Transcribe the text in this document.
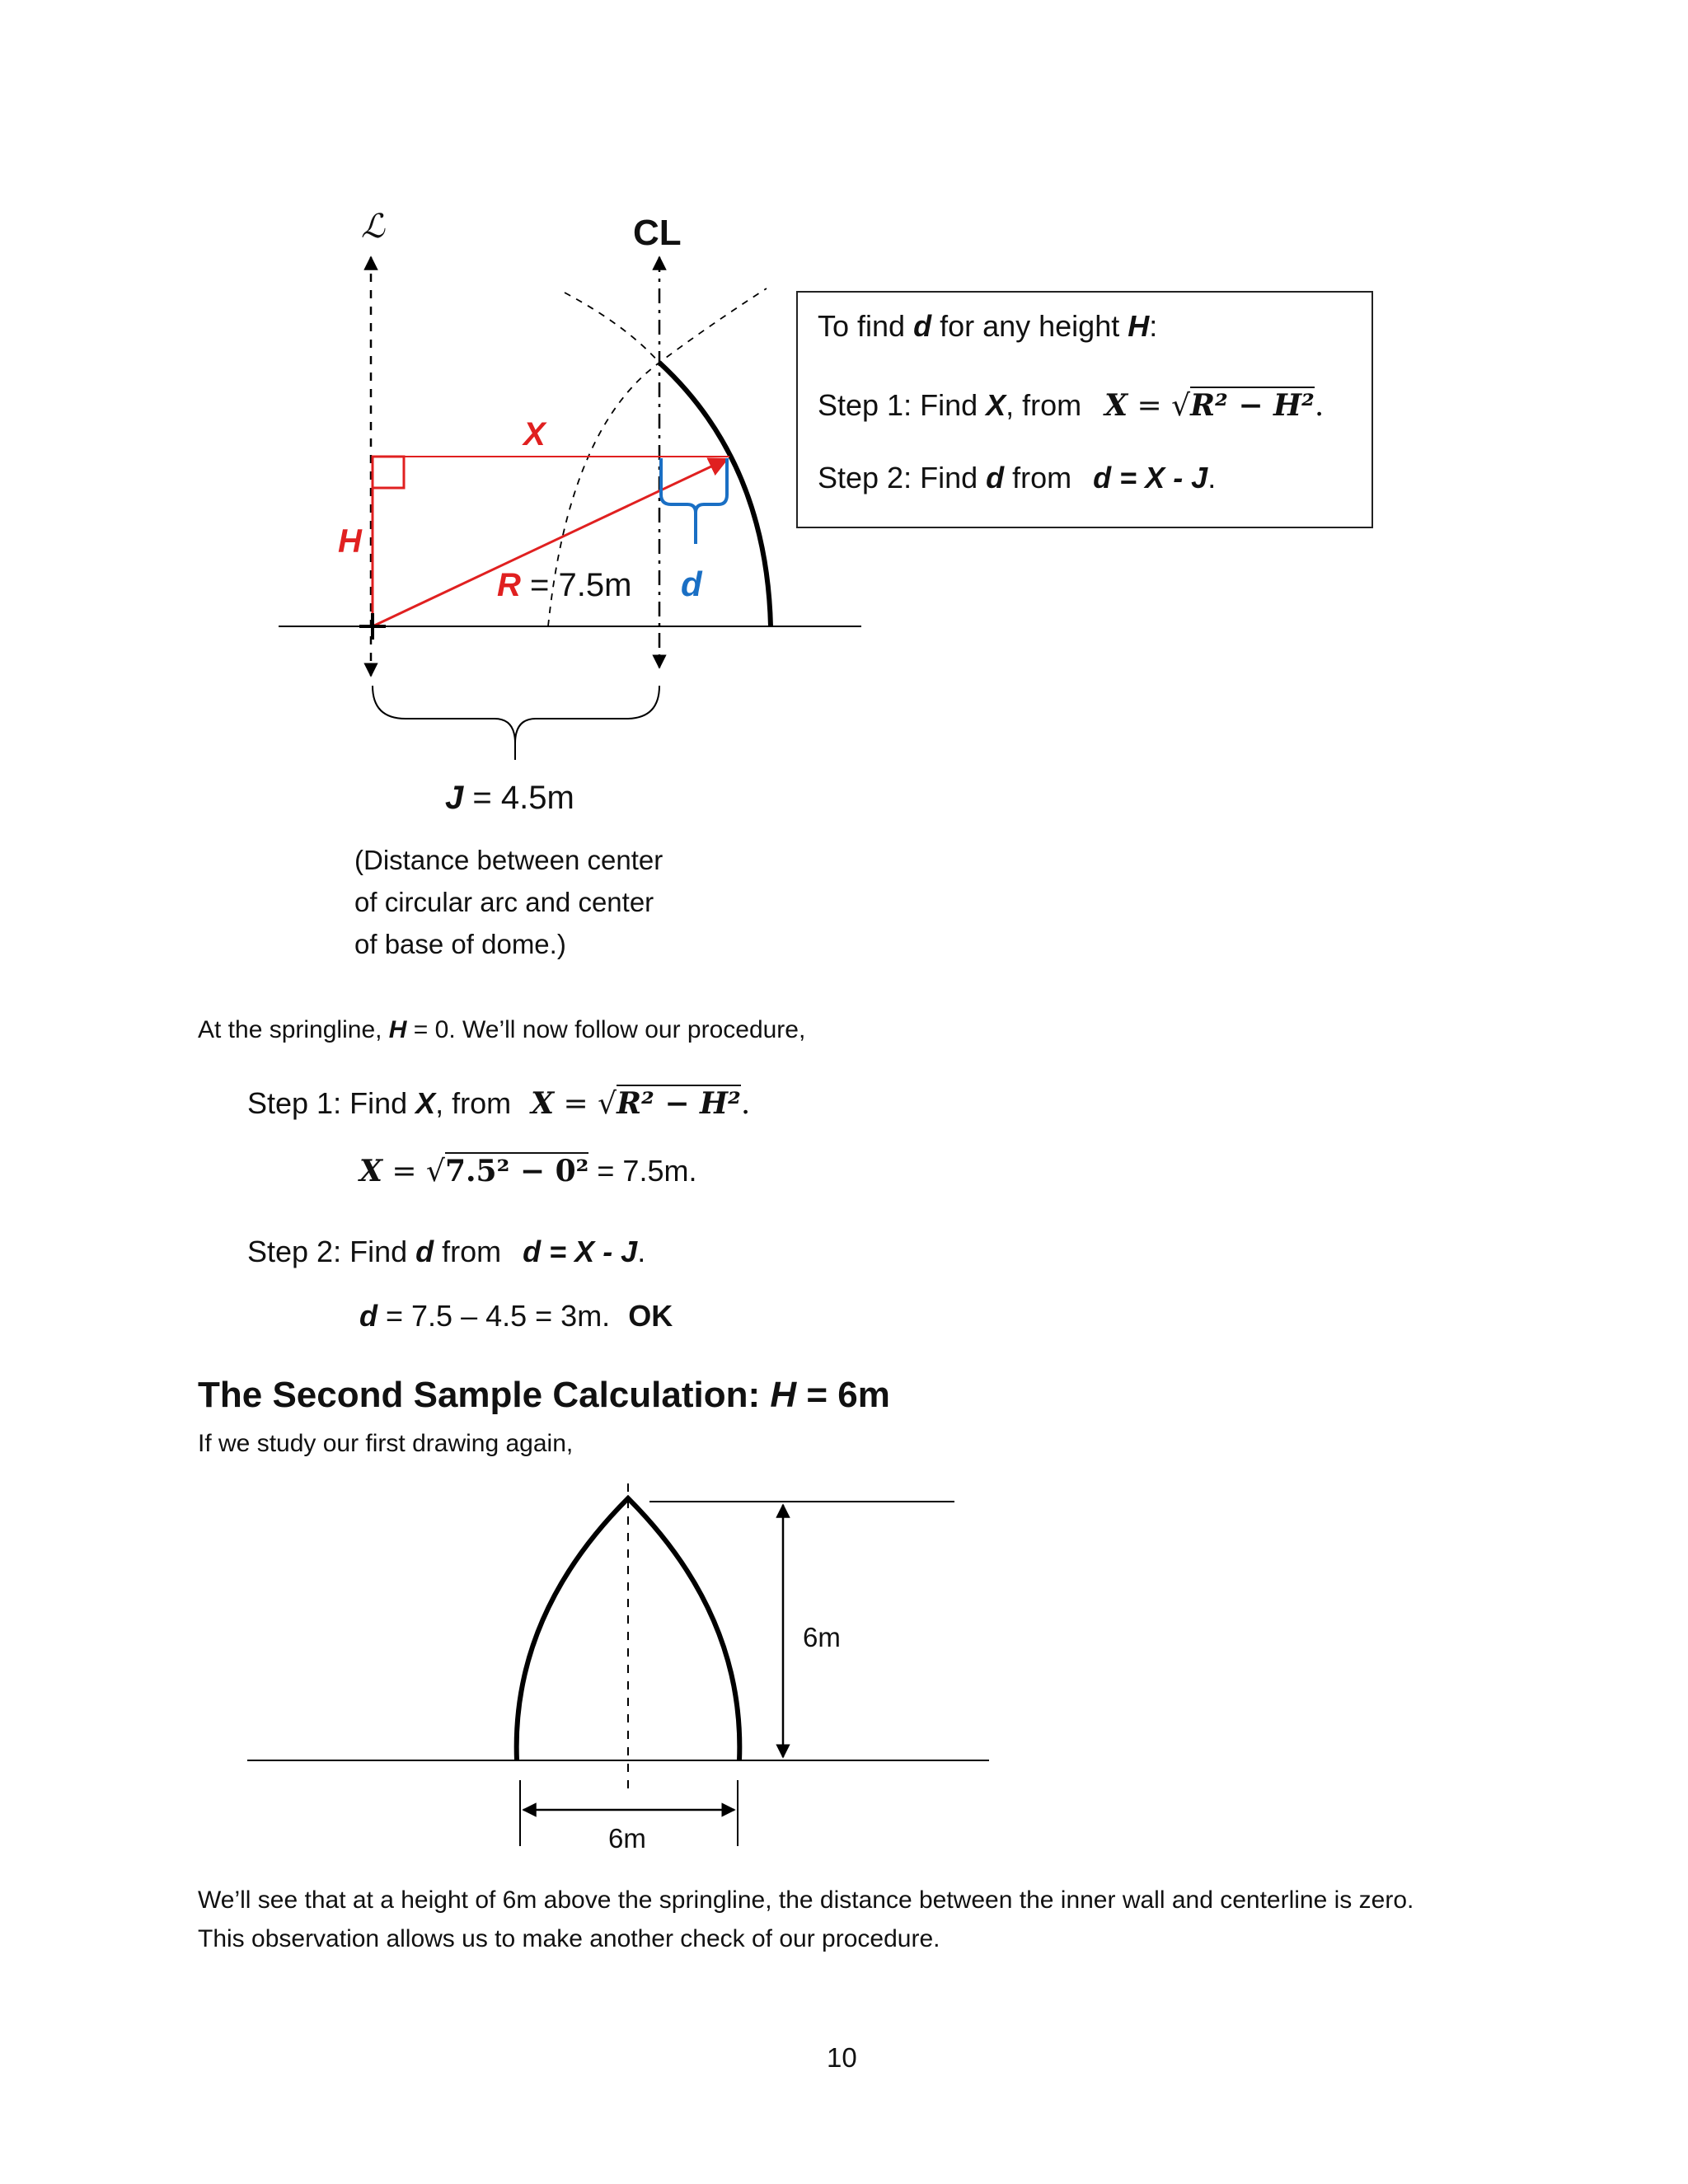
ℒ	CL
X
H
R = 7.5m d
J = 4.5m
(Distance between center
of circular arc and center
of base of dome.)
To find d for any height H:
Step 1: Find X, from X = √R² − H².
Step 2: Find d from d = X - J.
At the springline, H = 0. We’ll now follow our procedure,
Step 1: Find X, from X = √R² − H².
X = √7.5² − 0² = 7.5m.
Step 2: Find d from d = X - J.
d = 7.5 – 4.5 = 3m. OK
The Second Sample Calculation: H = 6m
If we study our first drawing again,
6m
6m
We’ll see that at a height of 6m above the springline, the distance between the inner wall and centerline is zero.
This observation allows us to make another check of our procedure.
10
